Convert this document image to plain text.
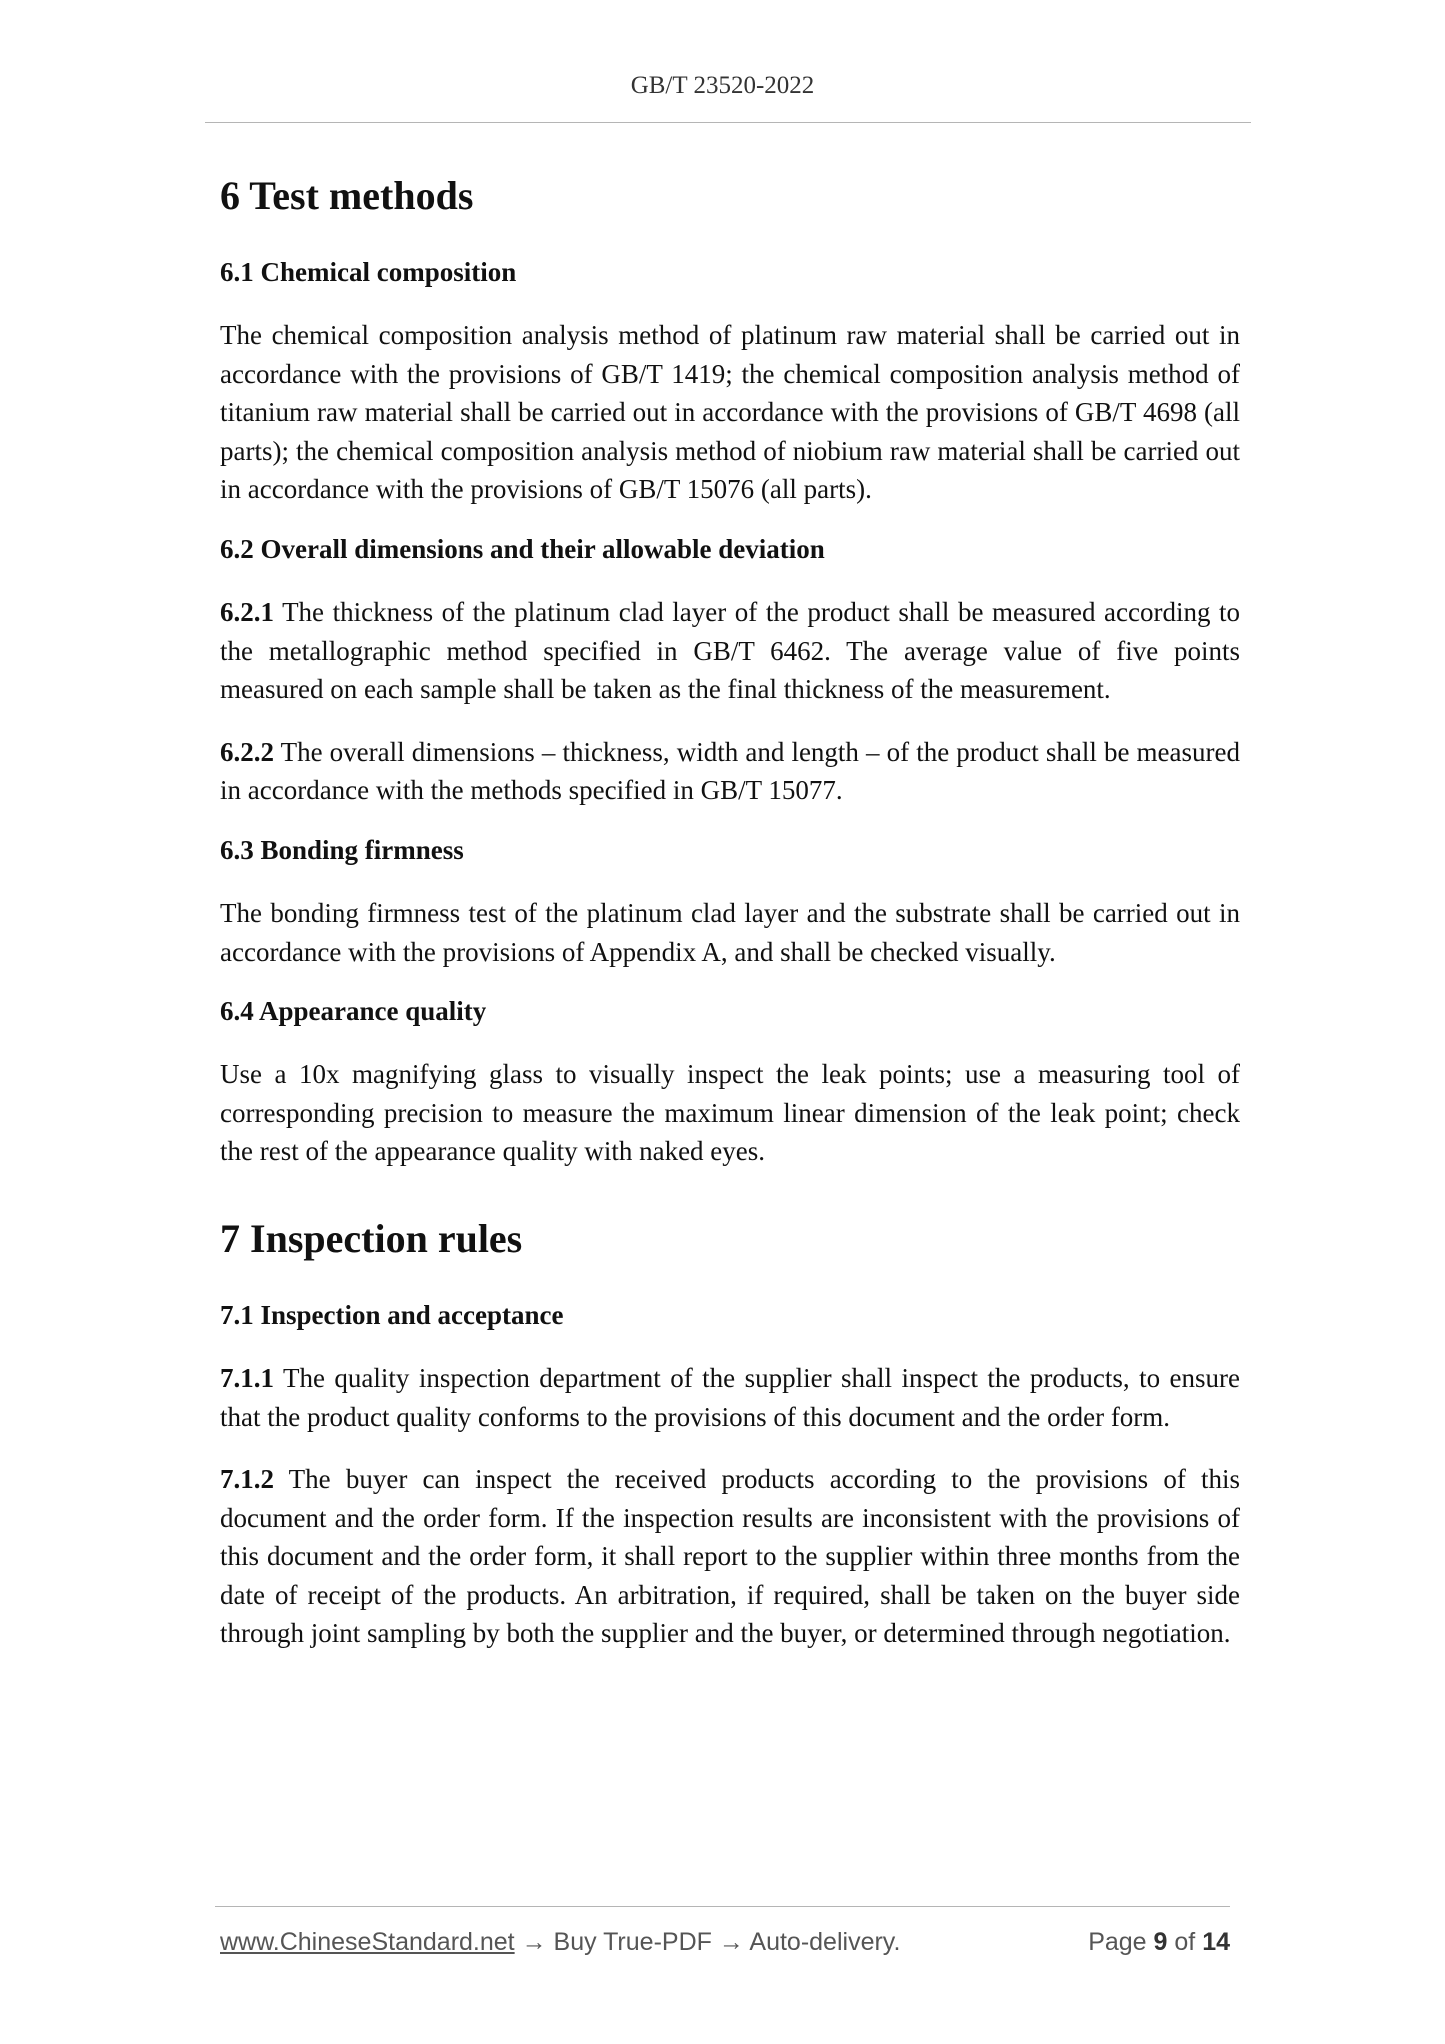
GB/T 23520-2022
6 Test methods
6.1 Chemical composition

The chemical composition analysis method of platinum raw material shall be carried out in accordance with the provisions of GB/T 1419; the chemical composition analysis method of titanium raw material shall be carried out in accordance with the provisions of GB/T 4698 (all parts); the chemical composition analysis method of niobium raw material shall be carried out in accordance with the provisions of GB/T 15076 (all parts).

6.2 Overall dimensions and their allowable deviation

6.2.1 The thickness of the platinum clad layer of the product shall be measured according to the metallographic method specified in GB/T 6462. The average value of five points measured on each sample shall be taken as the final thickness of the measurement.

6.2.2 The overall dimensions – thickness, width and length – of the product shall be measured in accordance with the methods specified in GB/T 15077.

6.3 Bonding firmness

The bonding firmness test of the platinum clad layer and the substrate shall be carried out in accordance with the provisions of Appendix A, and shall be checked visually.

6.4 Appearance quality

Use a 10x magnifying glass to visually inspect the leak points; use a measuring tool of corresponding precision to measure the maximum linear dimension of the leak point; check the rest of the appearance quality with naked eyes.

7 Inspection rules
7.1 Inspection and acceptance

7.1.1 The quality inspection department of the supplier shall inspect the products, to ensure that the product quality conforms to the provisions of this document and the order form.

7.1.2 The buyer can inspect the received products according to the provisions of this document and the order form. If the inspection results are inconsistent with the provisions of this document and the order form, it shall report to the supplier within three months from the date of receipt of the products. An arbitration, if required, shall be taken on the buyer side through joint sampling by both the supplier and the buyer, or determined through negotiation.

www.ChineseStandard.net → Buy True-PDF → Auto-delivery.	Page 9 of 14
